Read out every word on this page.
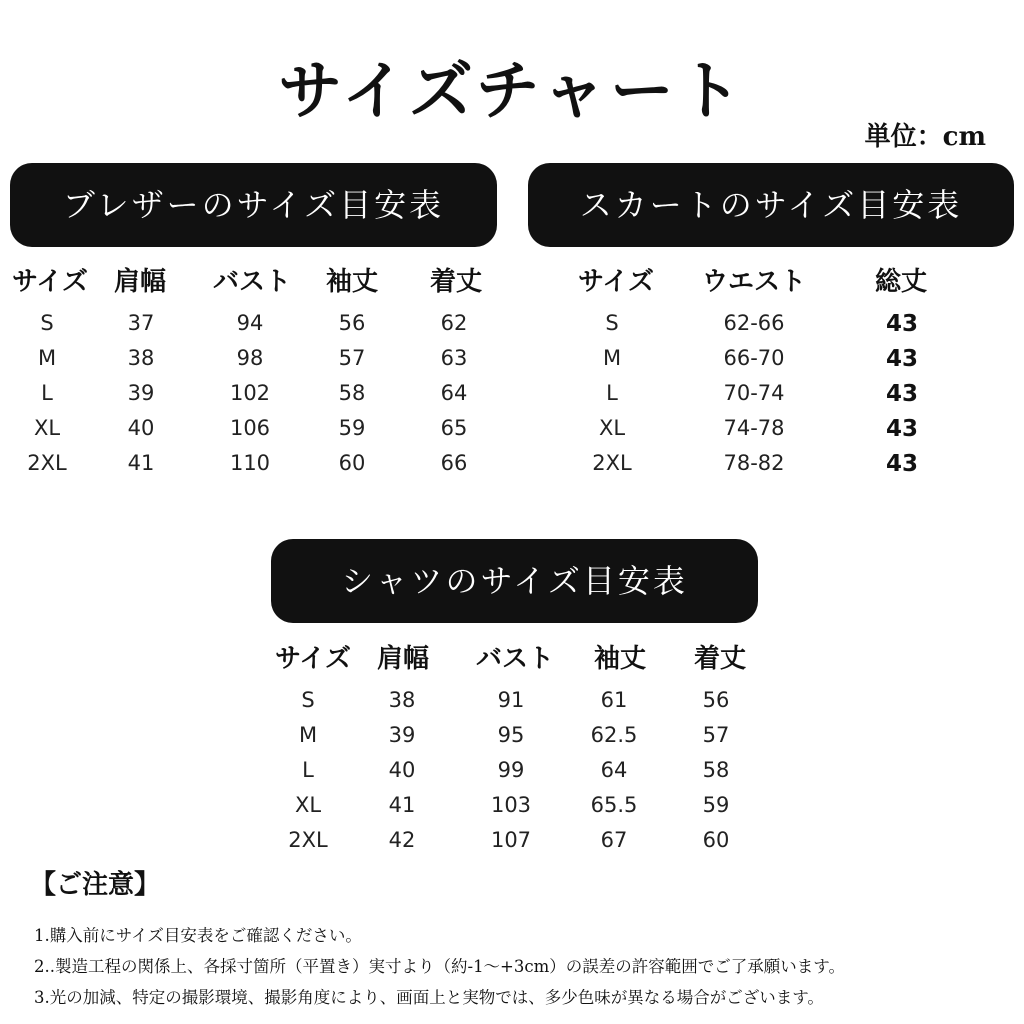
サイズチャート
単位：cm
ブレザーのサイズ目安表
サイズ 肩幅 バスト 袖丈 着丈
S	37	94	56	62
M	38	98	57	63
L	39	102	58	64
XL	40	106	59	65
2XL	41	110	60	66
スカートのサイズ目安表
サイズ ウエスト	総丈
S	62-66	43
M	66-70	43
L	70-74	43
XL	74-78	43
2XL	78-82	43
シャツのサイズ目安表
サイズ 肩幅 バスト 袖丈 着丈
S	38	91	61	56
M	39	95	62.5	57
L	40	99	64	58
XL	41	103	65.5	59
2XL	42	107	67	60
【ご注意】
1.購入前にサイズ目安表をご確認ください。
2..製造工程の関係上、各採寸箇所（平置き）実寸より（約-1～+3cm）の誤差の許容範囲でご了承願います。
3.光の加減、特定の撮影環境、撮影角度により、画面上と実物では、多少色味が異なる場合がございます。
